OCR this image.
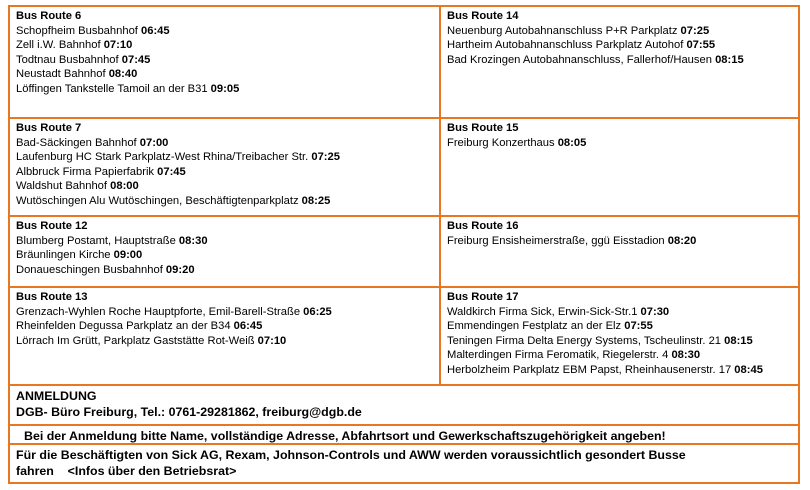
Bus Route 6
Schopfheim Busbahnhof 06:45
Zell i.W. Bahnhof 07:10
Todtnau Busbahnhof 07:45
Neustadt Bahnhof 08:40
Löffingen Tankstelle Tamoil an der B31 09:05
Bus Route 7
Bad-Säckingen Bahnhof 07:00
Laufenburg HC Stark Parkplatz-West Rhina/Treibacher Str. 07:25
Albbruck Firma Papierfabrik 07:45
Waldshut Bahnhof 08:00
Wutöschingen Alu Wutöschingen, Beschäftigtenparkplatz 08:25
Bus Route 12
Blumberg Postamt, Hauptstraße 08:30
Bräunlingen Kirche 09:00
Donaueschingen Busbahnhof 09:20
Bus Route 13
Grenzach-Wyhlen Roche Hauptpforte, Emil-Barell-Straße 06:25
Rheinfelden Degussa Parkplatz an der B34 06:45
Lörrach Im Grütt, Parkplatz Gaststätte Rot-Weiß 07:10
Bus Route 14
Neuenburg Autobahnanschluss P+R Parkplatz 07:25
Hartheim Autobahnanschluss Parkplatz Autohof 07:55
Bad Krozingen Autobahnanschluss, Fallerhof/Hausen 08:15
Bus Route 15
Freiburg Konzerthaus 08:05
Bus Route 16
Freiburg Ensisheimerstraße, ggü Eisstadion 08:20
Bus Route 17
Waldkirch Firma Sick, Erwin-Sick-Str.1 07:30
Emmendingen Festplatz an der Elz 07:55
Teningen Firma Delta Energy Systems, Tscheulinstr. 21 08:15
Malterdingen Firma Feromatik, Riegelerstr. 4 08:30
Herbolzheim Parkplatz EBM Papst, Rheinhausenerstr. 17 08:45
ANMELDUNG
DGB- Büro Freiburg, Tel.: 0761-29281862, freiburg@dgb.de
Bei der Anmeldung bitte Name, vollständige Adresse, Abfahrtsort und Gewerkschaftszugehörigkeit angeben!
Für die Beschäftigten von Sick AG, Rexam, Johnson-Controls und AWW werden voraussichtlich gesondert Busse
fahren    <Infos über den Betriebsrat>
